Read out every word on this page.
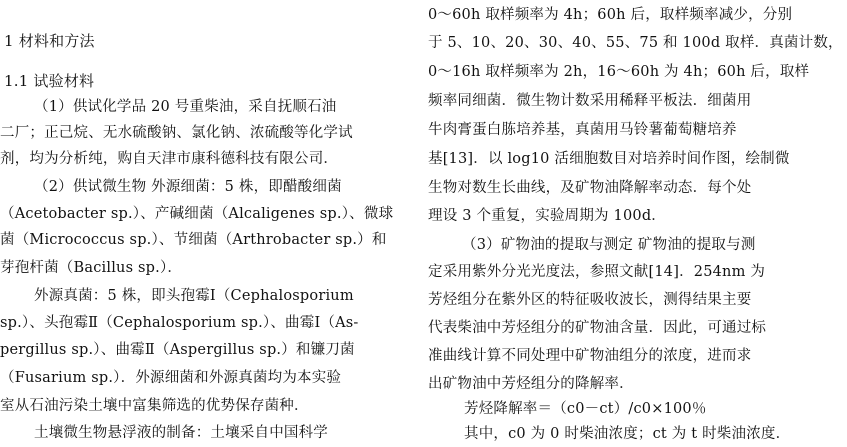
1 材料和方法
1.1 试验材料
（1）供试化学品 20 号重柴油，采自抚顺石油
二厂；正己烷、无水硫酸钠、氯化钠、浓硫酸等化学试
剂，均为分析纯，购自天津市康科德科技有限公司．
（2）供试微生物 外源细菌：5 株，即醋酸细菌
（Acetobacter sp.）、产碱细菌（Alcaligenes sp.）、微球
菌（Micrococcus sp.）、节细菌（Arthrobacter sp.）和
芽孢杆菌（Bacillus sp.）．
外源真菌：5 株，即头孢霉Ⅰ（Cephalosporium
sp.）、头孢霉Ⅱ（Cephalosporium sp.）、曲霉Ⅰ（As-
pergillus sp.）、曲霉Ⅱ（Aspergillus sp.）和镰刀菌
（Fusarium sp.）．外源细菌和外源真菌均为本实验
室从石油污染土壤中富集筛选的优势保存菌种．
土壤微生物悬浮液的制备：土壤采自中国科学
0～60h 取样频率为 4h；60h 后，取样频率减少，分别
于 5、10、20、30、40、55、75 和 100d 取样．真菌计数，
0～16h 取样频率为 2h，16～60h 为 4h；60h 后，取样
频率同细菌．微生物计数采用稀释平板法．细菌用
牛肉膏蛋白胨培养基，真菌用马铃薯葡萄糖培养
基[13]．以 log10 活细胞数目对培养时间作图，绘制微
生物对数生长曲线，及矿物油降解率动态．每个处
理设 3 个重复，实验周期为 100d．
（3）矿物油的提取与测定 矿物油的提取与测
定采用紫外分光光度法，参照文献[14]．254nm 为
芳烃组分在紫外区的特征吸收波长，测得结果主要
代表柴油中芳烃组分的矿物油含量．因此，可通过标
准曲线计算不同处理中矿物油组分的浓度，进而求
出矿物油中芳烃组分的降解率．
芳烃降解率＝（c0－ct）/c0×100％
其中，c0 为 0 时柴油浓度；ct 为 t 时柴油浓度．
